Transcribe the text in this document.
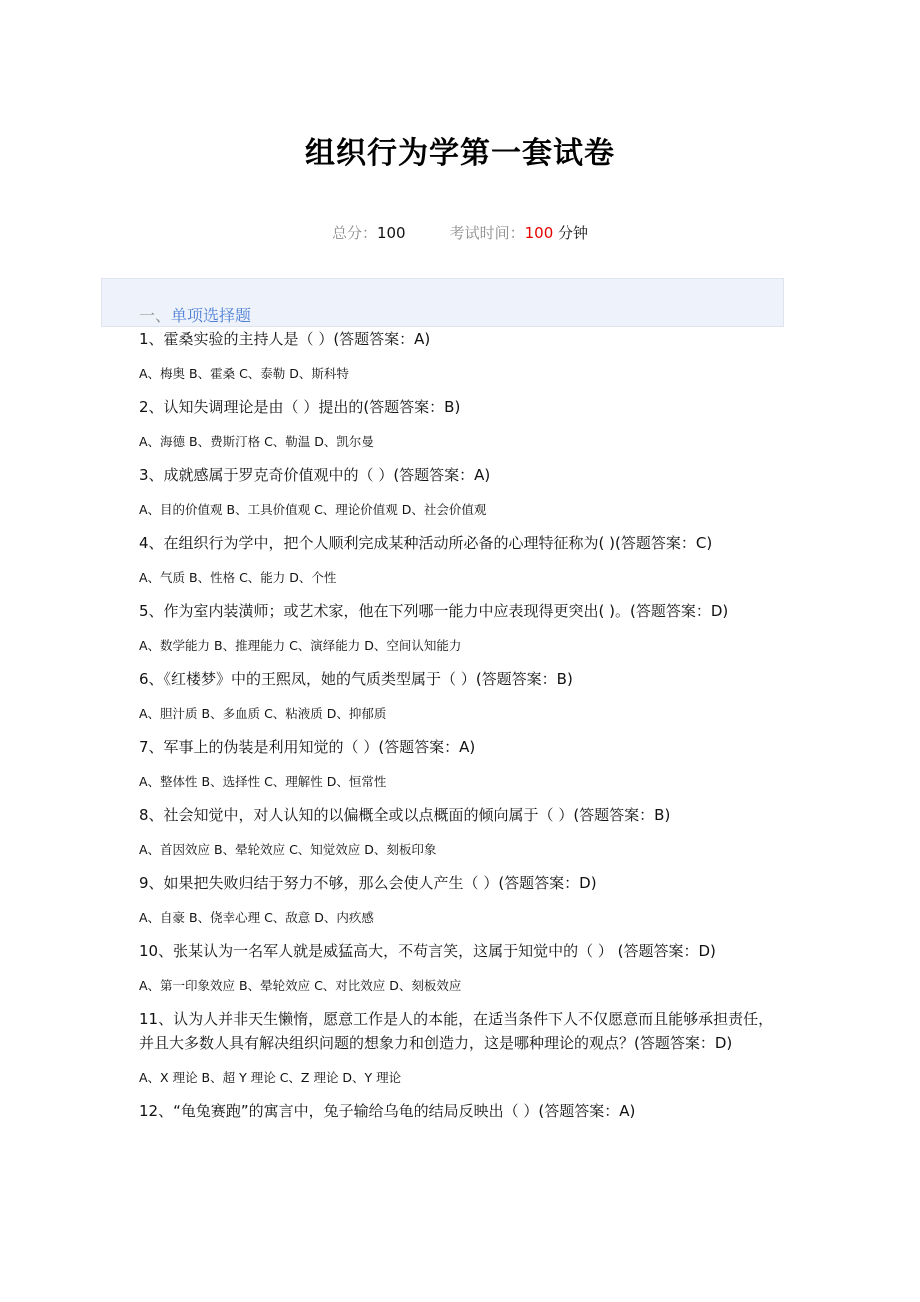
组织行为学第一套试卷
总分：100	考试时间：100 分钟
一、单项选择题

1、霍桑实验的主持人是（ ）(答题答案：A)

A、梅奥 B、霍桑 C、泰勒 D、斯科特

2、认知失调理论是由（ ）提出的(答题答案：B)

A、海德 B、费斯汀格 C、勒温 D、凯尔曼

3、成就感属于罗克奇价值观中的（ ）(答题答案：A)

A、目的价值观 B、工具价值观 C、理论价值观 D、社会价值观

4、在组织行为学中，把个人顺利完成某种活动所必备的心理特征称为( )(答题答案：C)

A、气质 B、性格 C、能力 D、个性

5、作为室内装潢师；或艺术家，他在下列哪一能力中应表现得更突出( )。(答题答案：D)

A、数学能力 B、推理能力 C、演绎能力 D、空间认知能力

6、《红楼梦》中的王熙凤，她的气质类型属于（ ）(答题答案：B)

A、胆汁质 B、多血质 C、粘液质 D、抑郁质

7、军事上的伪装是利用知觉的（ ）(答题答案：A)

A、整体性 B、选择性 C、理解性 D、恒常性

8、社会知觉中，对人认知的以偏概全或以点概面的倾向属于（ ）(答题答案：B)

A、首因效应 B、晕轮效应 C、知觉效应 D、刻板印象

9、如果把失败归结于努力不够，那么会使人产生（ ）(答题答案：D)

A、自豪 B、侥幸心理 C、敌意 D、内疚感

10、张某认为一名军人就是威猛高大，不苟言笑，这属于知觉中的（ ） (答题答案：D)

A、第一印象效应 B、晕轮效应 C、对比效应 D、刻板效应

11、认为人并非天生懒惰，愿意工作是人的本能，在适当条件下人不仅愿意而且能够承担责任，并且大多数人具有解决组织问题的想象力和创造力，这是哪种理论的观点？(答题答案：D)

A、X 理论 B、超 Y 理论 C、Z 理论 D、Y 理论

12、“龟兔赛跑”的寓言中，兔子输给乌龟的结局反映出（ ）(答题答案：A)
